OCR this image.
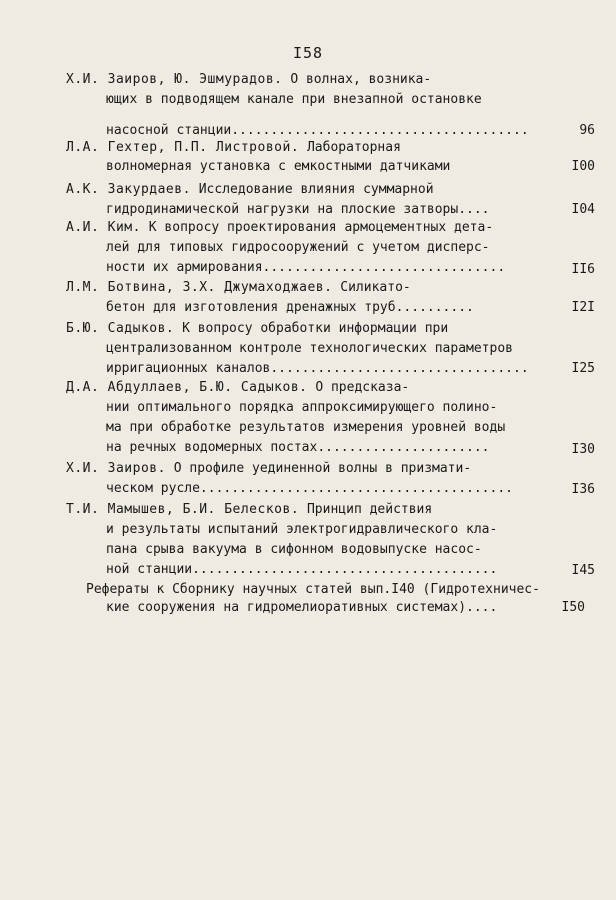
I58
Х.И. Заиров, Ю. Эшмурадов. О волнах, возника-
ющих в подводящем канале при внезапной остановке
насосной станции......................................	96
Л.А. Гехтер, П.П. Листровой. Лабораторная
волномерная установка с емкостными датчиками	I00
А.К. Закурдаев. Исследование влияния суммарной
гидродинамической нагрузки на плоские затворы....	I04
А.И. Ким. К вопросу проектирования армоцементных дета-
лей для типовых гидросооружений с учетом дисперс-
ности их армирования...............................	II6
Л.М. Ботвина, З.Х. Джумаходжаев. Силикато-
бетон для изготовления дренажных труб..........	I2I
Б.Ю. Садыков. К вопросу обработки информации при
централизованном контроле технологических параметров
ирригационных каналов.................................	I25
Д.А. Абдуллаев, Б.Ю. Садыков. О предсказа-
нии оптимального порядка аппроксимирующего полино-
ма при обработке результатов измерения уровней воды
на речных водомерных постах......................	I30
Х.И. Заиров. О профиле уединенной волны в призмати-
ческом русле........................................	I36
Т.И. Мамышев, Б.И. Белесков. Принцип действия
и результаты испытаний электрогидравлического кла-
пана срыва вакуума в сифонном водовыпуске насос-
ной станции.......................................	I45
Рефераты к Сборнику научных статей вып.I40 (Гидротехничес-
кие сооружения на гидромелиоративных системах)....	I50
